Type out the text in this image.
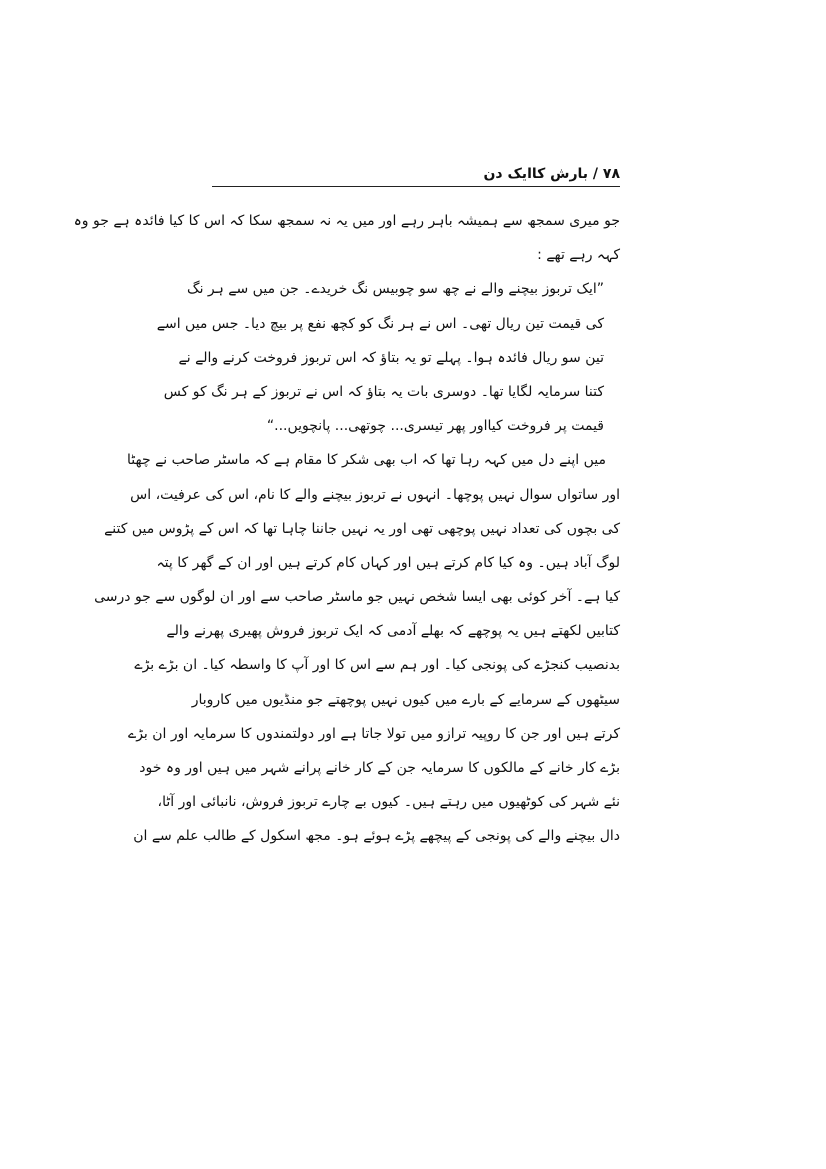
۷۸ / بارش کاایک دن
جو میری سمجھ سے ہمیشہ باہر رہے اور میں یہ نہ سمجھ سکا کہ اس کا کیا فائدہ ہے جو وہ
کہہ رہے تھے :
”ایک تربوز بیچنے والے نے چھ سو چوبیس نگ خریدے۔ جن میں سے ہر نگ
کی قیمت تین ریال تھی۔ اس نے ہر نگ کو کچھ نفع پر بیچ دیا۔ جس میں اسے
تین سو ریال فائدہ ہوا۔ پہلے تو یہ بتاؤ کہ اس تربوز فروخت کرنے والے نے
کتنا سرمایہ لگایا تھا۔ دوسری بات یہ بتاؤ کہ اس نے تربوز کے ہر نگ کو کس
قیمت پر فروخت کیااور پھر تیسری... چوتھی... پانچویں...“
میں اپنے دل میں کہہ رہا تھا کہ اب بھی شکر کا مقام ہے کہ ماسٹر صاحب نے چھٹا
اور ساتواں سوال نہیں پوچھا۔ انہوں نے تربوز بیچنے والے کا نام، اس کی عرفیت، اس
کی بچوں کی تعداد نہیں پوچھی تھی اور یہ نہیں جاننا چاہا تھا کہ اس کے پڑوس میں کتنے
لوگ آباد ہیں۔ وہ کیا کام کرتے ہیں اور کہاں کام کرتے ہیں اور ان کے گھر کا پتہ
کیا ہے۔ آخر کوئی بھی ایسا شخص نہیں جو ماسٹر صاحب سے اور ان لوگوں سے جو درسی
کتابیں لکھتے ہیں یہ پوچھے کہ بھلے آدمی کہ ایک تربوز فروش پھیری پھرنے والے
بدنصیب کنجڑے کی پونجی کیا۔ اور ہم سے اس کا اور آپ کا واسطہ کیا۔ ان بڑے بڑے
سیٹھوں کے سرمایے کے بارے میں کیوں نہیں پوچھتے جو منڈیوں میں کاروبار
کرتے ہیں اور جن کا روپیہ ترازو میں تولا جاتا ہے اور دولتمندوں کا سرمایہ اور ان بڑے
بڑے کار خانے کے مالکوں کا سرمایہ جن کے کار خانے پرانے شہر میں ہیں اور وہ خود
نئے شہر کی کوٹھیوں میں رہتے ہیں۔ کیوں بے چارے تربوز فروش، نانبائی اور آٹا،
دال بیچنے والے کی پونجی کے پیچھے پڑے ہوئے ہو۔ مجھ اسکول کے طالب علم سے ان
